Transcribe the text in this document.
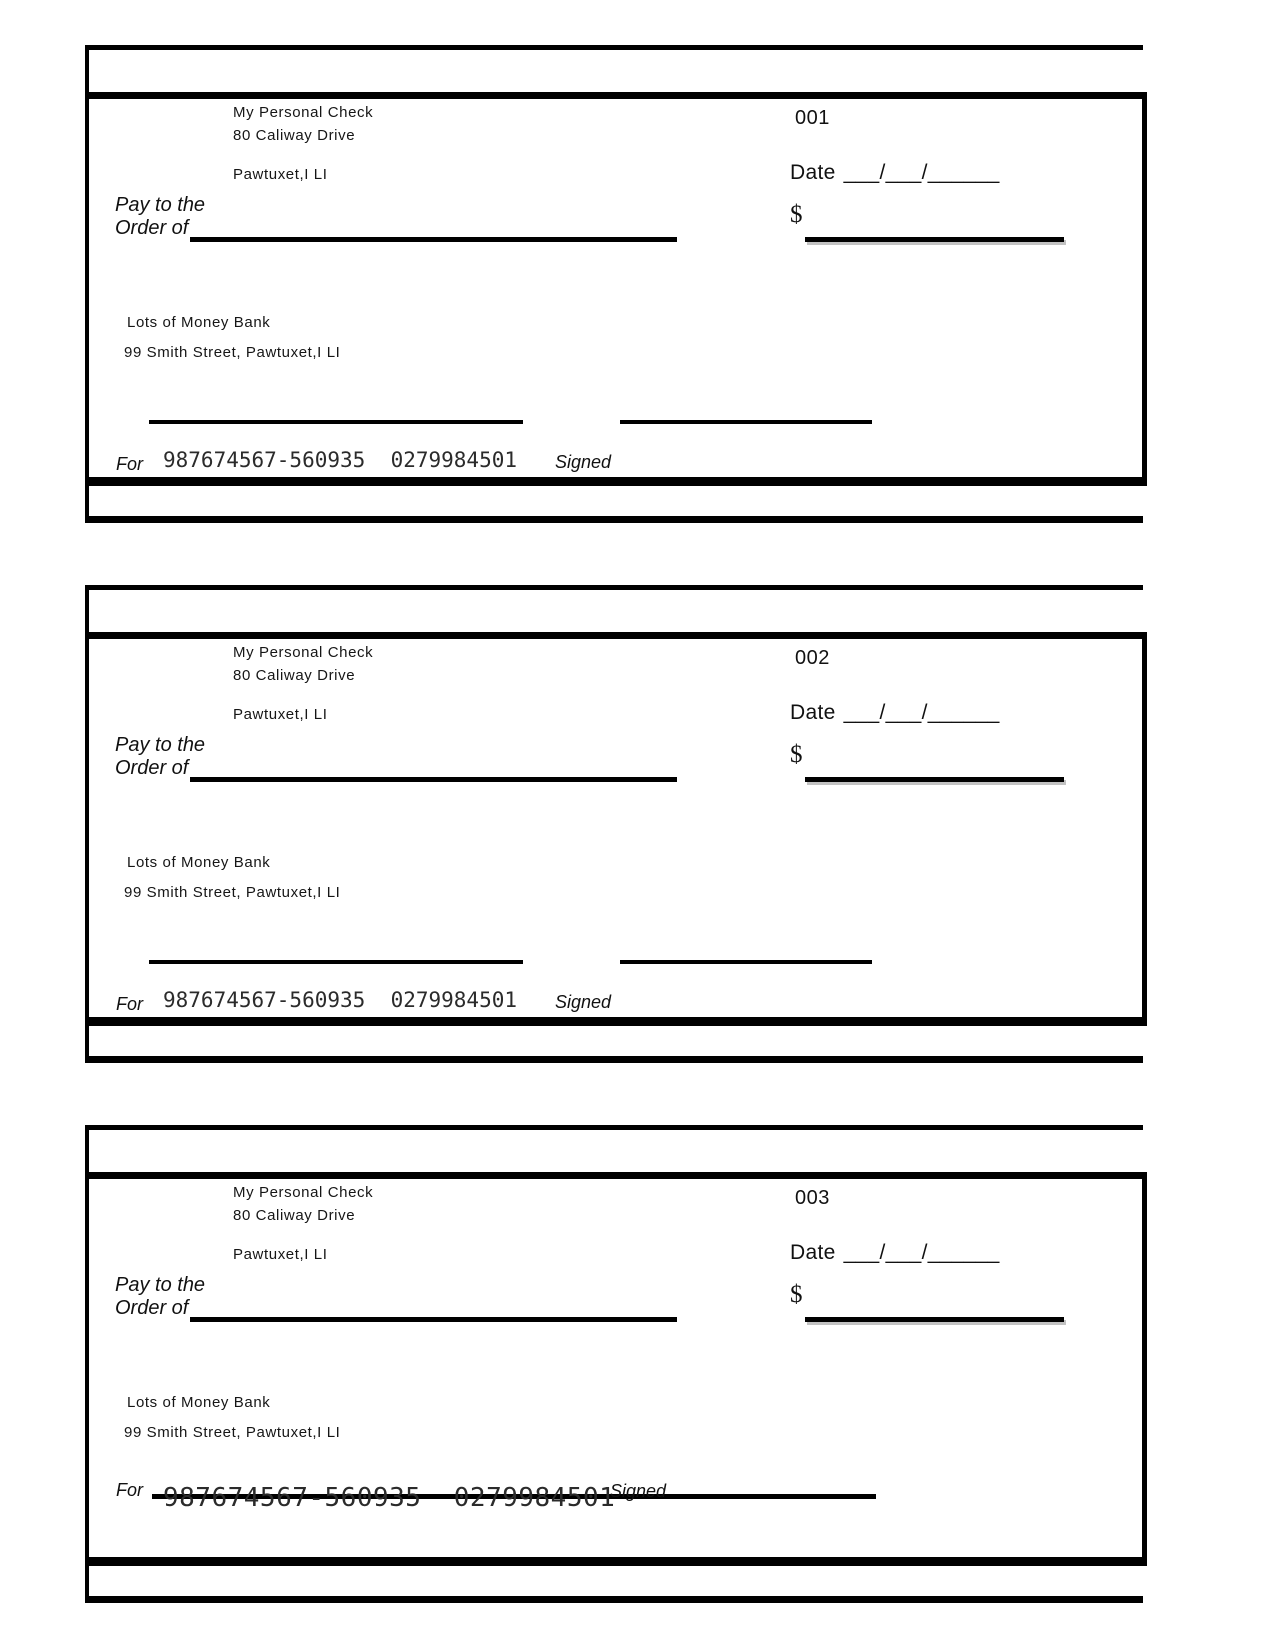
My Personal Check
80 Caliway Drive
Pawtuxet,I LI
001
Date ___/___/______
Pay to the
Order of	$
Lots of Money Bank
99 Smith Street, Pawtuxet,I LI
For 987674567-560935  0279984501 Signed
My Personal Check
80 Caliway Drive
Pawtuxet,I LI
002
Date ___/___/______
Pay to the
Order of	$
Lots of Money Bank
99 Smith Street, Pawtuxet,I LI
For 987674567-560935  0279984501 Signed
My Personal Check
80 Caliway Drive
Pawtuxet,I LI
003
Date ___/___/______
Pay to the
Order of	$
Lots of Money Bank
99 Smith Street, Pawtuxet,I LI
For 987674567-560935  0279984501
Signed
